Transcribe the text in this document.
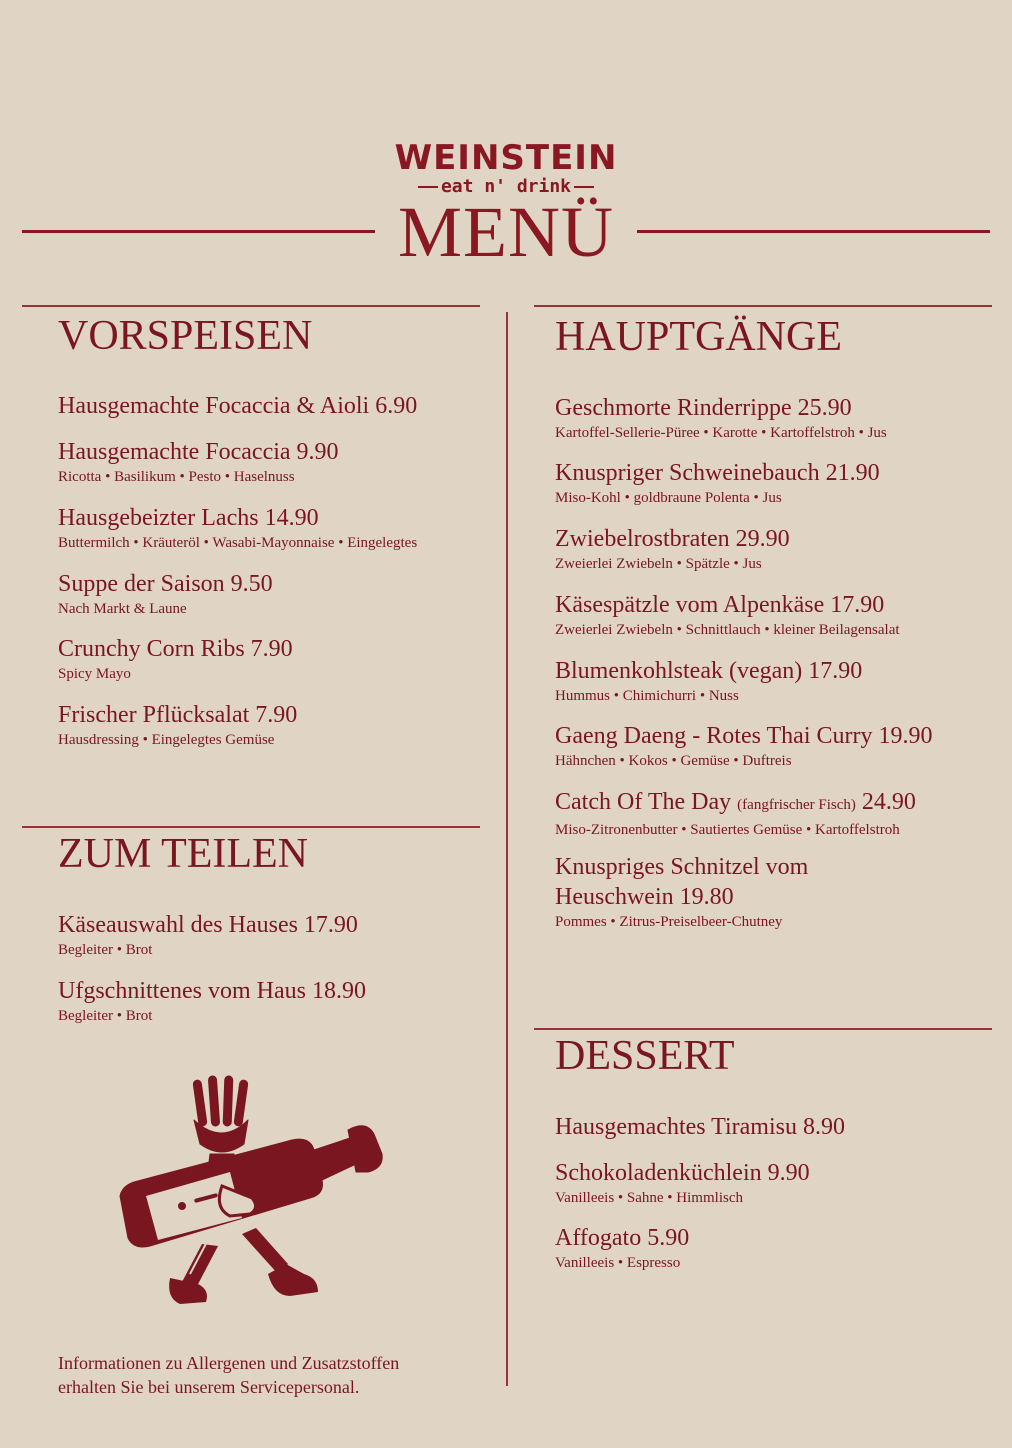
WEINSTEIN
eat n' drink
MENÜ
VORSPEISEN
Hausgemachte Focaccia & Aioli 6.90
Hausgemachte Focaccia 9.90
Ricotta • Basilikum • Pesto • Haselnuss
Hausgebeizter Lachs 14.90
Buttermilch • Kräuteröl • Wasabi-Mayonnaise • Eingelegtes
Suppe der Saison 9.50
Nach Markt & Laune
Crunchy Corn Ribs 7.90
Spicy Mayo
Frischer Pflücksalat 7.90
Hausdressing • Eingelegtes Gemüse
ZUM TEILEN
Käseauswahl des Hauses 17.90
Begleiter • Brot
Ufgschnittenes vom Haus 18.90
Begleiter • Brot
Informationen zu Allergenen und Zusatzstoffen
erhalten Sie bei unserem Servicepersonal.
HAUPTGÄNGE
Geschmorte Rinderrippe 25.90
Kartoffel-Sellerie-Püree • Karotte • Kartoffelstroh • Jus
Knuspriger Schweinebauch 21.90
Miso-Kohl • goldbraune Polenta • Jus
Zwiebelrostbraten 29.90
Zweierlei Zwiebeln • Spätzle • Jus
Käsespätzle vom Alpenkäse 17.90
Zweierlei Zwiebeln • Schnittlauch • kleiner Beilagensalat
Blumenkohlsteak (vegan) 17.90
Hummus • Chimichurri • Nuss
Gaeng Daeng - Rotes Thai Curry 19.90
Hähnchen • Kokos • Gemüse • Duftreis
Catch Of The Day (fangfrischer Fisch) 24.90
Miso-Zitronenbutter • Sautiertes Gemüse • Kartoffelstroh
Knuspriges Schnitzel vom
Heuschwein 19.80
Pommes • Zitrus-Preiselbeer-Chutney
DESSERT
Hausgemachtes Tiramisu 8.90
Schokoladenküchlein 9.90
Vanilleeis • Sahne • Himmlisch
Affogato 5.90
Vanilleeis • Espresso
